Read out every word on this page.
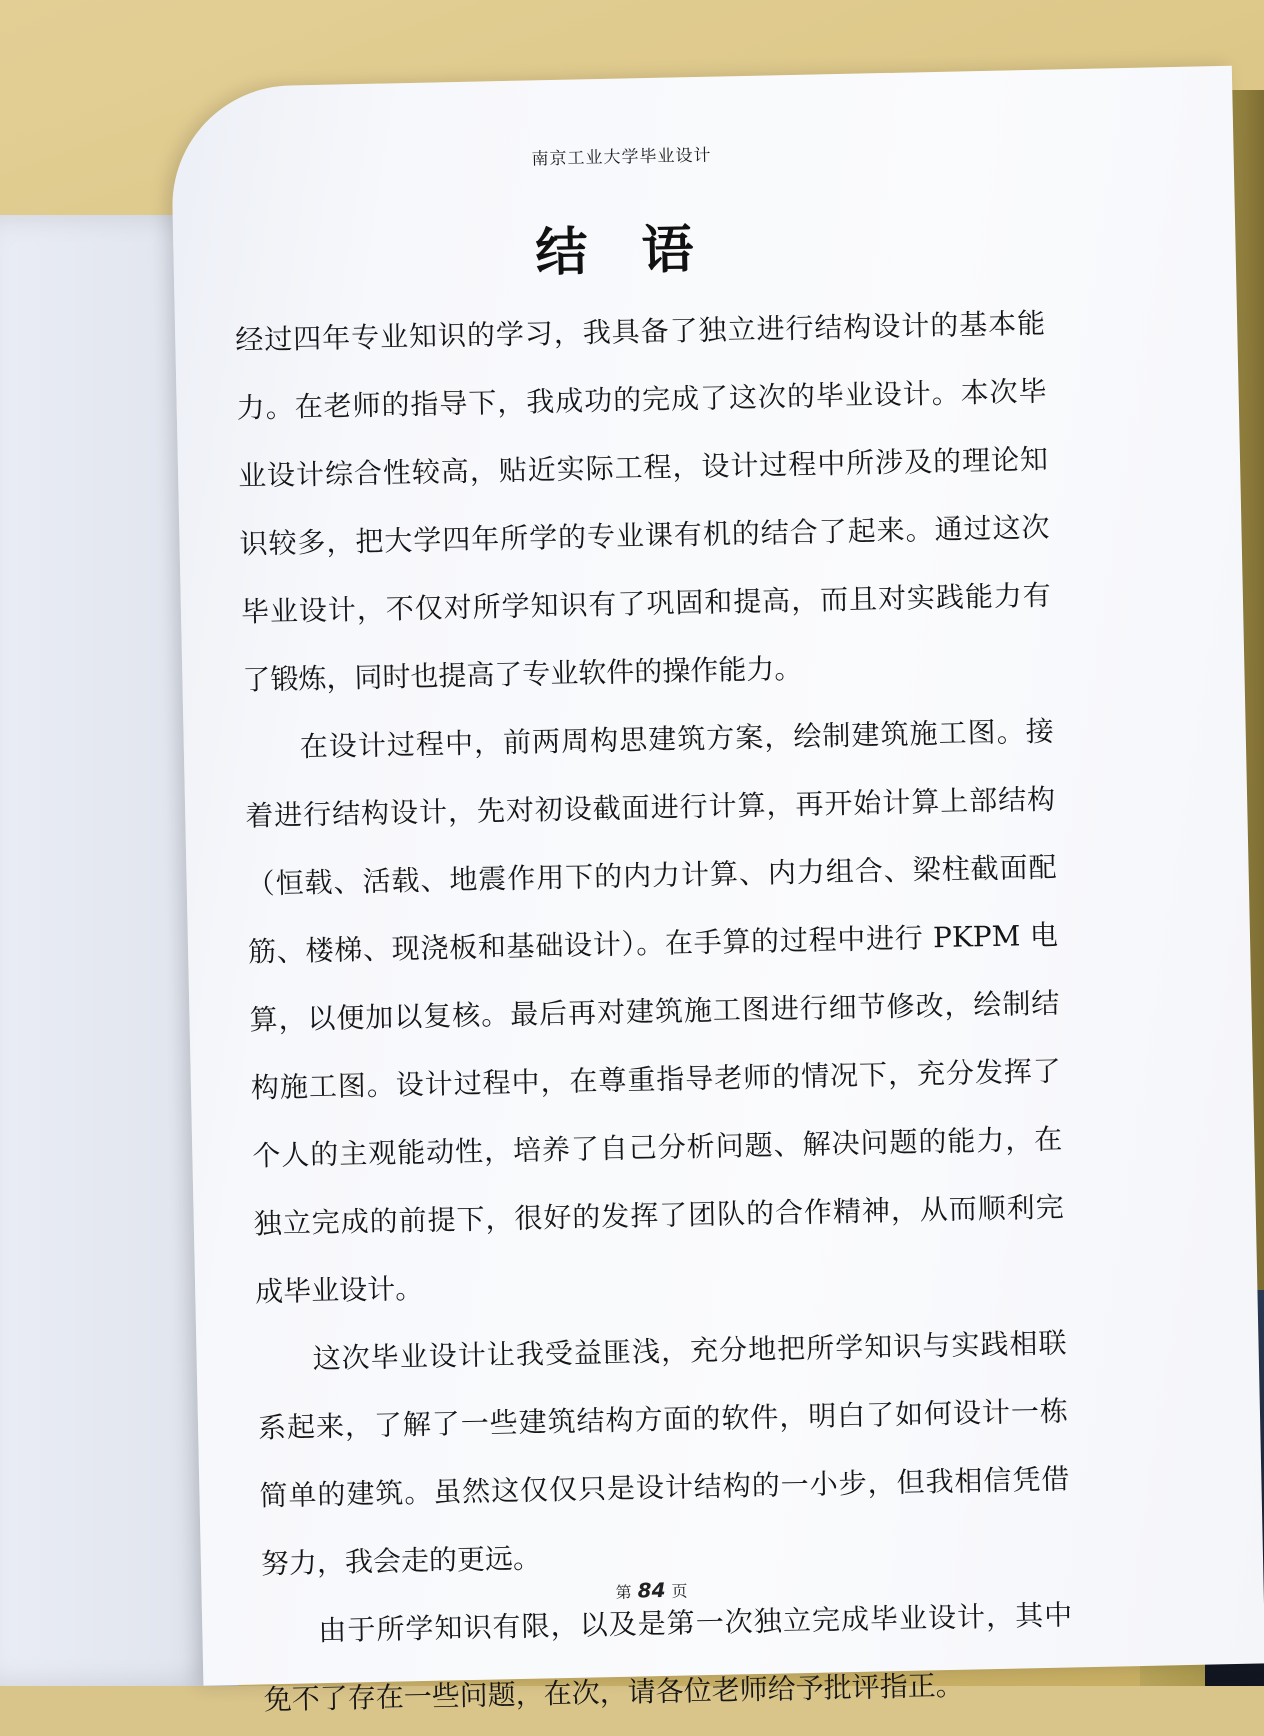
南京工业大学毕业设计
结 语

经过四年专业知识的学习，我具备了独立进行结构设计的基本能力。在老师的指导下，我成功的完成了这次的毕业设计。本次毕业设计综合性较高，贴近实际工程，设计过程中所涉及的理论知识较多，把大学四年所学的专业课有机的结合了起来。通过这次毕业设计，不仅对所学知识有了巩固和提高，而且对实践能力有了锻炼，同时也提高了专业软件的操作能力。

在设计过程中，前两周构思建筑方案，绘制建筑施工图。接着进行结构设计，先对初设截面进行计算，再开始计算上部结构（恒载、活载、地震作用下的内力计算、内力组合、梁柱截面配筋、楼梯、现浇板和基础设计）。在手算的过程中进行 PKPM 电算，以便加以复核。最后再对建筑施工图进行细节修改，绘制结构施工图。设计过程中，在尊重指导老师的情况下，充分发挥了个人的主观能动性，培养了自己分析问题、解决问题的能力，在独立完成的前提下，很好的发挥了团队的合作精神，从而顺利完成毕业设计。

这次毕业设计让我受益匪浅，充分地把所学知识与实践相联系起来，了解了一些建筑结构方面的软件，明白了如何设计一栋简单的建筑。虽然这仅仅只是设计结构的一小步，但我相信凭借努力，我会走的更远。

由于所学知识有限，以及是第一次独立完成毕业设计，其中免不了存在一些问题，在次，请各位老师给予批评指正。

第 84 页
